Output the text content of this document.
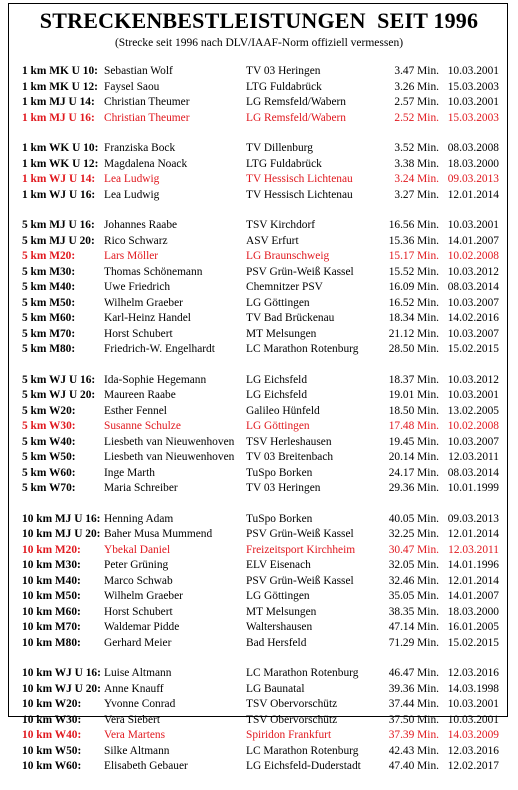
STRECKENBESTLEISTUNGEN  SEIT 1996
(Strecke seit 1996 nach DLV/IAAF-Norm offiziell vermessen)
1 km MK U 10: Sebastian Wolf	TV 03 Heringen	3.47 Min. 10.03.2001
1 km MK U 12: Faysel Saou	LTG Fuldabrück	3.26 Min. 15.03.2003
1 km MJ U 14: Christian Theumer	LG Remsfeld/Wabern	2.57 Min. 10.03.2001
1 km MJ U 16: Christian Theumer	LG Remsfeld/Wabern	2.52 Min. 15.03.2003
1 km WK U 10: Franziska Bock	TV Dillenburg	3.52 Min. 08.03.2008
1 km WK U 12: Magdalena Noack	LTG Fuldabrück	3.38 Min. 18.03.2000
1 km WJ U 14: Lea Ludwig	TV Hessisch Lichtenau	3.24 Min. 09.03.2013
1 km WJ U 16: Lea Ludwig	TV Hessisch Lichtenau	3.27 Min. 12.01.2014
5 km MJ U 16: Johannes Raabe	TSV Kirchdorf	16.56 Min. 10.03.2001
5 km MJ U 20: Rico Schwarz	ASV Erfurt	15.36 Min. 14.01.2007
5 km M20:	Lars Möller	LG Braunschweig	15.17 Min. 10.02.2008
5 km M30:	Thomas Schönemann	PSV Grün-Weiß Kassel	15.52 Min. 10.03.2012
5 km M40:	Uwe Friedrich	Chemnitzer PSV	16.09 Min. 08.03.2014
5 km M50:	Wilhelm Graeber	LG Göttingen	16.52 Min. 10.03.2007
5 km M60:	Karl-Heinz Handel	TV Bad Brückenau	18.34 Min. 14.02.2016
5 km M70:	Horst Schubert	MT Melsungen	21.12 Min. 10.03.2007
5 km M80:	Friedrich-W. Engelhardt	LC Marathon Rotenburg	28.50 Min. 15.02.2015
5 km WJ U 16: Ida-Sophie Hegemann	LG Eichsfeld	18.37 Min. 10.03.2012
5 km WJ U 20: Maureen Raabe	LG Eichsfeld	19.01 Min. 10.03.2001
5 km W20:	Esther Fennel	Galileo Hünfeld	18.50 Min. 13.02.2005
5 km W30:	Susanne Schulze	LG Göttingen	17.48 Min. 10.02.2008
5 km W40:	Liesbeth van Nieuwenhoven	TSV Herleshausen	19.45 Min. 10.03.2007
5 km W50:	Liesbeth van Nieuwenhoven	TV 03 Breitenbach	20.14 Min. 12.03.2011
5 km W60:	Inge Marth	TuSpo Borken	24.17 Min. 08.03.2014
5 km W70:	Maria Schreiber	TV 03 Heringen	29.36 Min. 10.01.1999
10 km MJ U 16: Henning Adam	TuSpo Borken	40.05 Min. 09.03.2013
10 km MJ U 20: Baher Musa Mummend	PSV Grün-Weiß Kassel	32.25 Min. 12.01.2014
10 km M20:	Ybekal Daniel	Freizeitsport Kirchheim	30.47 Min. 12.03.2011
10 km M30:	Peter Grüning	ELV Eisenach	32.05 Min. 14.01.1996
10 km M40:	Marco Schwab	PSV Grün-Weiß Kassel	32.46 Min. 12.01.2014
10 km M50:	Wilhelm Graeber	LG Göttingen	35.05 Min. 14.01.2007
10 km M60:	Horst Schubert	MT Melsungen	38.35 Min. 18.03.2000
10 km M70:	Waldemar Pidde	Waltershausen	47.14 Min. 16.01.2005
10 km M80:	Gerhard Meier	Bad Hersfeld	71.29 Min. 15.02.2015
10 km WJ U 16: Luise Altmann	LC Marathon Rotenburg	46.47 Min. 12.03.2016
10 km WJ U 20: Anne Knauff	LG Baunatal	39.36 Min. 14.03.1998
10 km W20:	Yvonne Conrad	TSV Obervorschütz	37.44 Min. 10.03.2001
10 km W30:	Vera Siebert	TSV Obervorschütz	37.50 Min. 10.03.2001
10 km W40:	Vera Martens	Spiridon Frankfurt	37.39 Min. 14.03.2009
10 km W50:	Silke Altmann	LC Marathon Rotenburg	42.43 Min. 12.03.2016
10 km W60:	Elisabeth Gebauer	LG Eichsfeld-Duderstadt	47.40 Min. 12.02.2017
